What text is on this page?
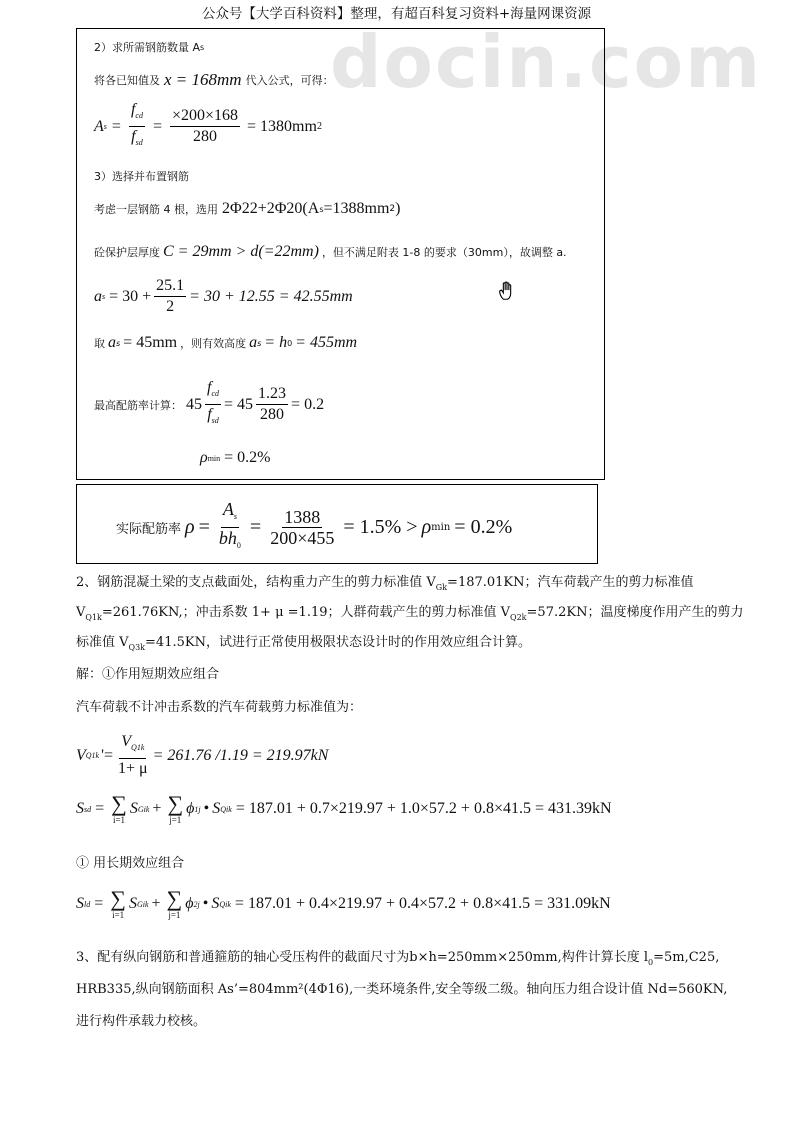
公众号【大学百科资料】整理，有超百科复习资料+海量网课资源
docin.com
2）求所需钢筋数量 A s
将各已知值及 x = 168mm 代入公式，可得：
A $s = \frac{f_{cd}}{f_{sd}} = \frac{\times 200\times 168}{280} = 1380mm$ 2
3）选择并布置钢筋
考虑一层钢筋 4 根，选用 2Φ22+2Φ20( A s =1388mm 2 )
砼保护层厚度 C = 29mm > d(=22mm) ，但不满足附表 1-8 的要求（30mm），故调整 a.
a $s = 30 + \frac{25.1}{2} = 30 + 12.55 = 42.55mm$
取 a s = 45mm ，则有效高度 a s = h 0 = 455mm
最高配筋率计算： $45 \frac{f_{cd}}{f_{sd}} = 45 \frac{1.23}{280} = 0.2$
ρ min = 0.2%
实际配筋率 $\rho = \frac{A_s}{bh_0} = \frac{1388}{200\times 455} = 1.5\% > \rho$ min = 0.2%
2、钢筋混凝土梁的支点截面处，结构重力产生的剪力标准值 $V_{Gk}=187.01KN$；汽车荷载产生的剪力标准值
$V_{Q1k}=261.76KN$,；冲击系数 1+ μ =1.19；人群荷载产生的剪力标准值 $V_{Q2k}=57.2KN$；温度梯度作用产生的剪力
标准值 $V_{Q3k}=41.5KN$，试进行正常使用极限状态设计时的作用效应组合计算。
解：①作用短期效应组合
汽车荷载不计冲击系数的汽车荷载剪力标准值为：
V Q1k '= $\frac{V_{Q1k}}{1+ \mu} = 261.76$ /1.19 = 219.97kN
S sd = ∑
i=1
S Gik + ∑
j=1
ϕ 1j • S Qik = 187.01 + 0.7×219.97 + 1.0×57.2 + 0.8×41.5 = 431.39kN
① 用长期效应组合
S ld = ∑
i=1
S Gik + ∑
j=1
ϕ 2j • S Qik = 187.01 + 0.4×219.97 + 0.4×57.2 + 0.8×41.5 = 331.09kN
3、配有纵向钢筋和普通箍筋的轴心受压构件的截面尺寸为b×h=250mm×250mm,构件计算长度 $l_0=5m,C25$,
HRB335,纵向钢筋面积 As’=804mm²(4Φ16),一类环境条件,安全等级二级。轴向压力组合设计值 Nd=560KN,
进行构件承载力校核。
